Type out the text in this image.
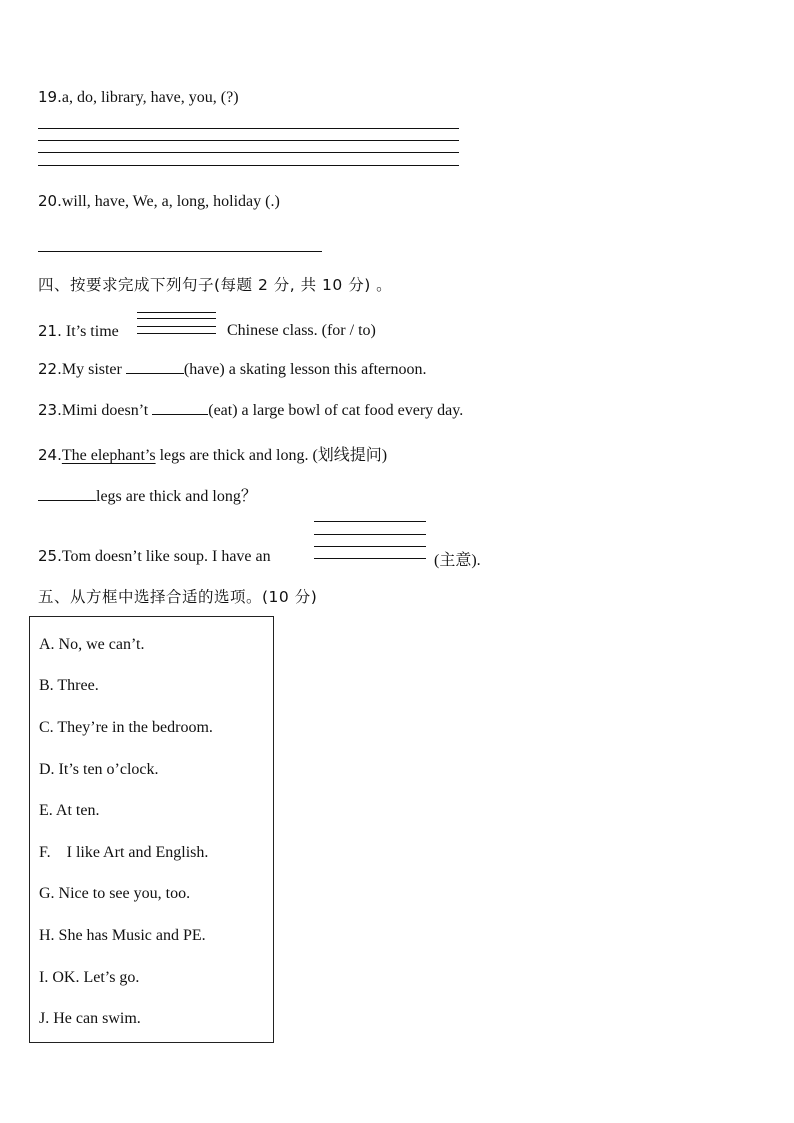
19.a, do, library, have, you, (?)
20.will, have, We, a, long, holiday (.)
四、按要求完成下列句子(每题 2 分, 共 10 分) 。
21. It’s time	Chinese class. (for / to)
22.My sister	(have) a skating lesson this afternoon.
23.Mimi doesn’t	(eat) a large bowl of cat food every day.
24.The elephant’s legs are thick and long. (划线提问)
legs are thick and long？
25.Tom doesn’t like soup. I have an	(主意).
五、从方框中选择合适的选项。(10 分)
A. No, we can’t.
B. Three.
C. They’re in the bedroom.
D. It’s ten o’clock.
E. At ten.
F.    I like Art and English.
G. Nice to see you, too.
H. She has Music and PE.
I. OK. Let’s go.
J. He can swim.
